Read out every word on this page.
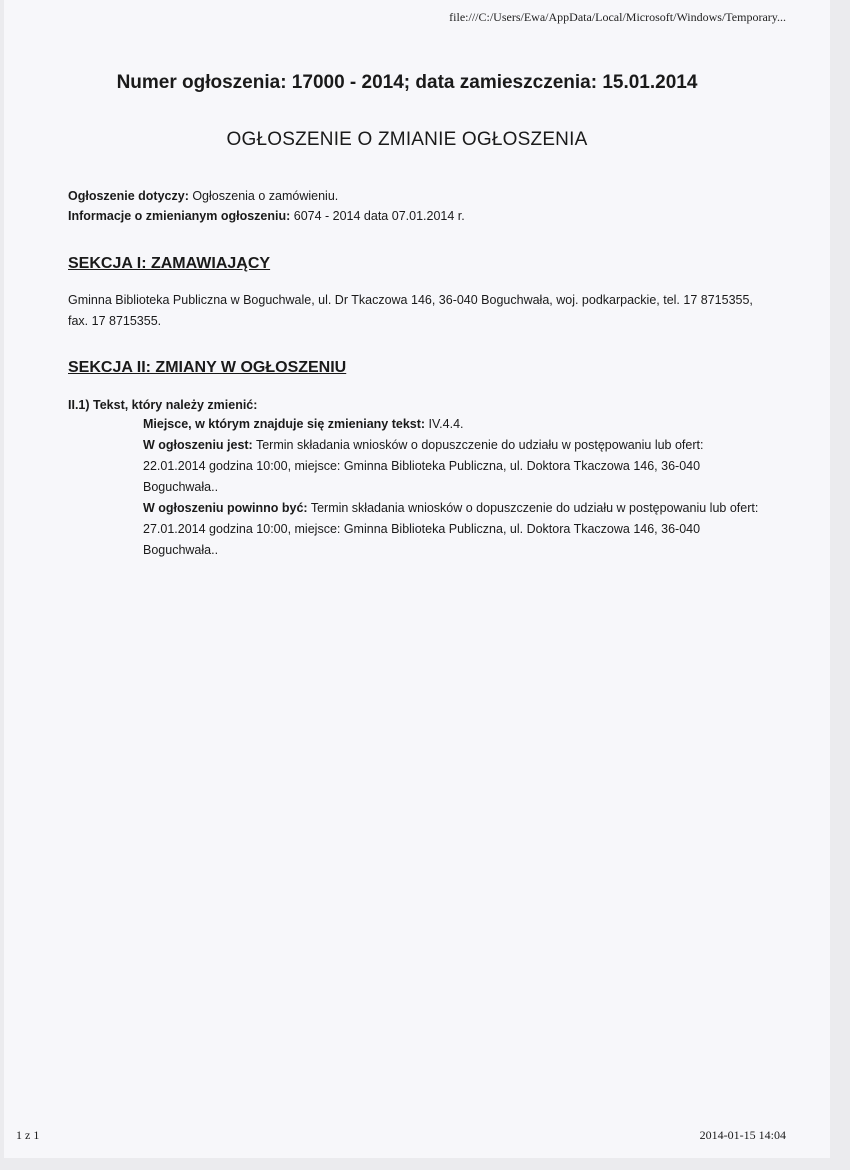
file:///C:/Users/Ewa/AppData/Local/Microsoft/Windows/Temporary...
Numer ogłoszenia: 17000 - 2014; data zamieszczenia: 15.01.2014
OGŁOSZENIE O ZMIANIE OGŁOSZENIA
Ogłoszenie dotyczy: Ogłoszenia o zamówieniu.
Informacje o zmienianym ogłoszeniu: 6074 - 2014 data 07.01.2014 r.
SEKCJA I: ZAMAWIAJĄCY
Gminna Biblioteka Publiczna w Boguchwale, ul. Dr Tkaczowa 146, 36-040 Boguchwała, woj. podkarpackie, tel. 17 8715355, fax. 17 8715355.
SEKCJA II: ZMIANY W OGŁOSZENIU
II.1) Tekst, który należy zmienić:

Miejsce, w którym znajduje się zmieniany tekst: IV.4.4.

W ogłoszeniu jest: Termin składania wniosków o dopuszczenie do udziału w postępowaniu lub ofert: 22.01.2014 godzina 10:00, miejsce: Gminna Biblioteka Publiczna, ul. Doktora Tkaczowa 146, 36-040 Boguchwała..

W ogłoszeniu powinno być: Termin składania wniosków o dopuszczenie do udziału w postępowaniu lub ofert: 27.01.2014 godzina 10:00, miejsce: Gminna Biblioteka Publiczna, ul. Doktora Tkaczowa 146, 36-040 Boguchwała..

1 z 1	2014-01-15 14:04
